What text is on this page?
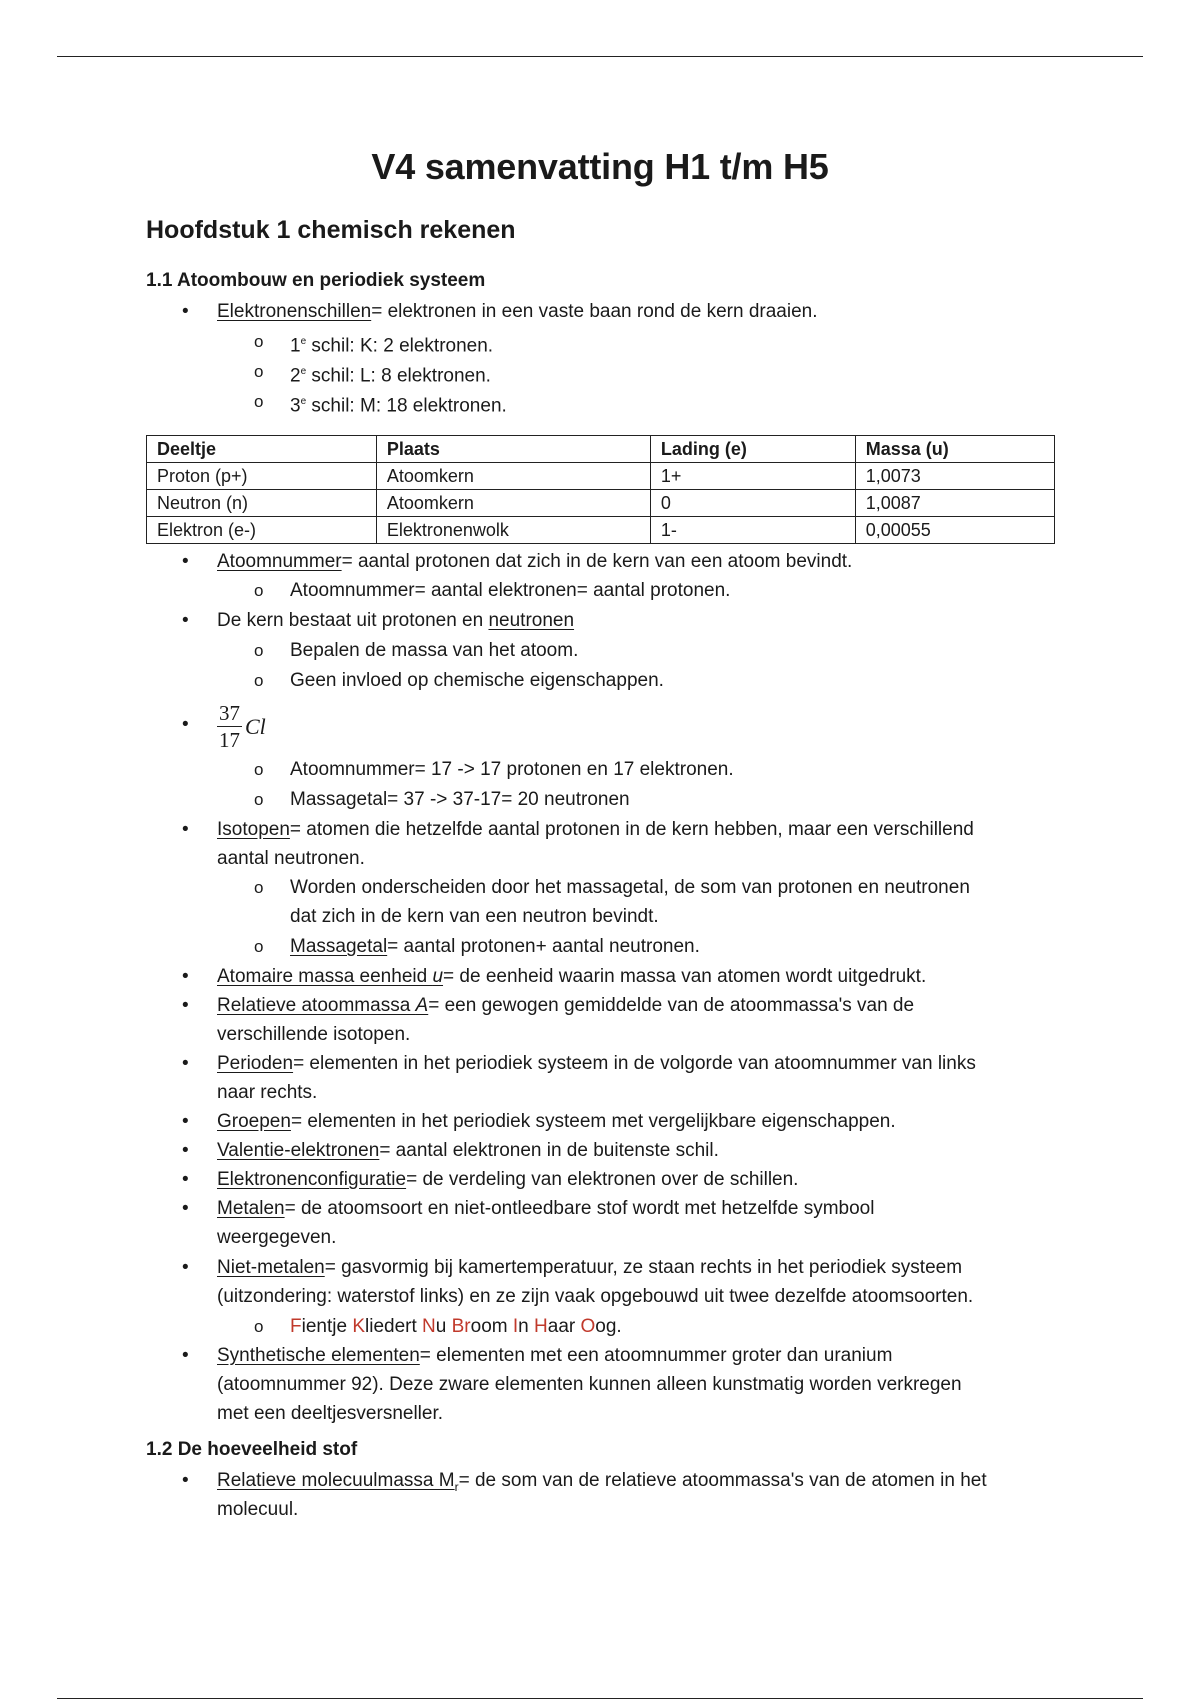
V4 samenvatting H1 t/m H5
Hoofdstuk 1 chemisch rekenen
1.1 Atoombouw en periodiek systeem
• Elektronenschillen= elektronen in een vaste baan rond de kern draaien.
o 1e schil: K: 2 elektronen.
o 2e schil: L: 8 elektronen.
o 3e schil: M: 18 elektronen.
Deeltje	Plaats	Lading (e)	Massa (u)
Proton (p+)	Atoomkern	1+	1,0073
Neutron (n)	Atoomkern	0	1,0087
Elektron (e-)	Elektronenwolk	1-	0,00055
• Atoomnummer= aantal protonen dat zich in de kern van een atoom bevindt.
o Atoomnummer= aantal elektronen= aantal protonen.
• De kern bestaat uit protonen en neutronen
o Bepalen de massa van het atoom.
o Geen invloed op chemische eigenschappen.
• $\frac{37}{17}$ Cl
o Atoomnummer= 17 -> 17 protonen en 17 elektronen.
o Massagetal= 37 -> 37-17= 20 neutronen
• Isotopen= atomen die hetzelfde aantal protonen in de kern hebben, maar een verschillend
aantal neutronen.
o Worden onderscheiden door het massagetal, de som van protonen en neutronen
dat zich in de kern van een neutron bevindt.
o Massagetal= aantal protonen+ aantal neutronen.
• Atomaire massa eenheid u= de eenheid waarin massa van atomen wordt uitgedrukt.
• Relatieve atoommassa A= een gewogen gemiddelde van de atoommassa's van de
verschillende isotopen.
• Perioden= elementen in het periodiek systeem in de volgorde van atoomnummer van links
naar rechts.
• Groepen= elementen in het periodiek systeem met vergelijkbare eigenschappen.
• Valentie-elektronen= aantal elektronen in de buitenste schil.
• Elektronenconfiguratie= de verdeling van elektronen over de schillen.
• Metalen= de atoomsoort en niet-ontleedbare stof wordt met hetzelfde symbool
weergegeven.
• Niet-metalen= gasvormig bij kamertemperatuur, ze staan rechts in het periodiek systeem
(uitzondering: waterstof links) en ze zijn vaak opgebouwd uit twee dezelfde atoomsoorten.
o Fientje Kliedert Nu Broom In Haar Oog.
• Synthetische elementen= elementen met een atoomnummer groter dan uranium
(atoomnummer 92). Deze zware elementen kunnen alleen kunstmatig worden verkregen
met een deeltjesversneller.
1.2 De hoeveelheid stof
• Relatieve molecuulmassa $M_r=$ de som van de relatieve atoommassa's van de atomen in het
molecuul.
